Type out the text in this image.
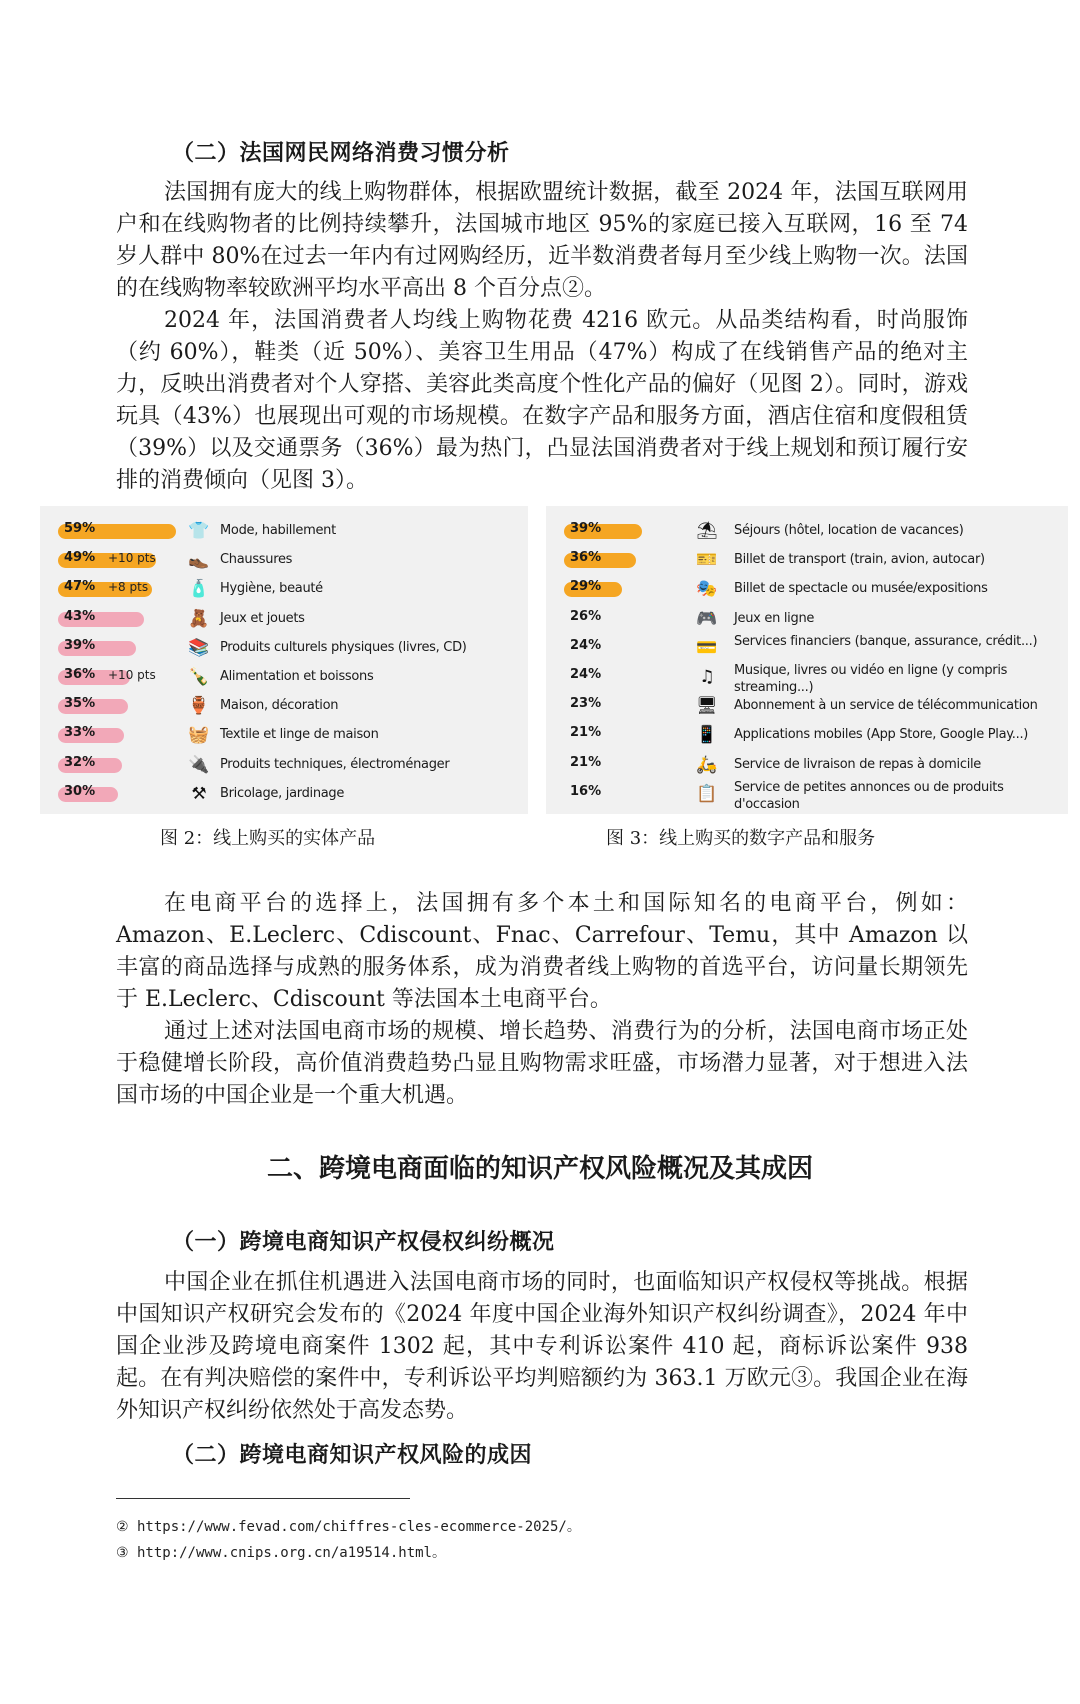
（二）法国网民网络消费习惯分析

法国拥有庞大的线上购物群体，根据欧盟统计数据，截至 2024 年，法国互联网用户和在线购物者的比例持续攀升，法国城市地区 95%的家庭已接入互联网，16 至 74 岁人群中 80%在过去一年内有过网购经历，近半数消费者每月至少线上购物一次。法国的在线购物率较欧洲平均水平高出 8 个百分点②。

2024 年，法国消费者人均线上购物花费 4216 欧元。从品类结构看，时尚服饰（约 60%），鞋类（近 50%）、美容卫生用品（47%）构成了在线销售产品的绝对主力，反映出消费者对个人穿搭、美容此类高度个性化产品的偏好（见图 2）。同时，游戏玩具（43%）也展现出可观的市场规模。在数字产品和服务方面，酒店住宿和度假租赁（39%）以及交通票务（36%）最为热门，凸显法国消费者对于线上规划和预订履行安排的消费倾向（见图 3）。

59%	👕 Mode, habillement
49% +10 pts 👞 Chaussures
47% +8 pts 🧴 Hygiène, beauté
43%	🧸 Jeux et jouets
39%	📚 Produits culturels physiques (livres, CD)
36% +10 pts 🍾 Alimentation et boissons
35%	🏺 Maison, décoration
33%	🧺 Textile et linge de maison
32%	🔌 Produits techniques, électroménager
30%	⚒ Bricolage, jardinage
39%	⛱ Séjours (hôtel, location de vacances)
36%	🎫 Billet de transport (train, avion, autocar)
29%	🎭 Billet de spectacle ou musée/expositions
26%	🎮 Jeux en ligne
24%	💳 Services financiers (banque, assurance, crédit...)
24%	♫ Musique, livres ou vidéo en ligne (y compris streaming...)
23%	🖥 Abonnement à un service de télécommunication
21%	📱 Applications mobiles (App Store, Google Play...)
21%	🛵 Service de livraison de repas à domicile
16%	📋 Service de petites annonces ou de produits d'occasion
图 2：线上购买的实体产品	图 3：线上购买的数字产品和服务

在电商平台的选择上，法国拥有多个本土和国际知名的电商平台，例如：Amazon、E.Leclerc、Cdiscount、Fnac、Carrefour、Temu，其中 Amazon 以丰富的商品选择与成熟的服务体系，成为消费者线上购物的首选平台，访问量长期领先于 E.Leclerc、Cdiscount 等法国本土电商平台。

通过上述对法国电商市场的规模、增长趋势、消费行为的分析，法国电商市场正处于稳健增长阶段，高价值消费趋势凸显且购物需求旺盛，市场潜力显著，对于想进入法国市场的中国企业是一个重大机遇。

二、跨境电商面临的知识产权风险概况及其成因
（一）跨境电商知识产权侵权纠纷概况

中国企业在抓住机遇进入法国电商市场的同时，也面临知识产权侵权等挑战。根据中国知识产权研究会发布的《2024 年度中国企业海外知识产权纠纷调查》，2024 年中国企业涉及跨境电商案件 1302 起，其中专利诉讼案件 410 起，商标诉讼案件 938 起。在有判决赔偿的案件中，专利诉讼平均判赔额约为 363.1 万欧元③。我国企业在海外知识产权纠纷依然处于高发态势。

（二）跨境电商知识产权风险的成因
② https://www.fevad.com/chiffres-cles-ecommerce-2025/。
③ http://www.cnips.org.cn/a19514.html。
